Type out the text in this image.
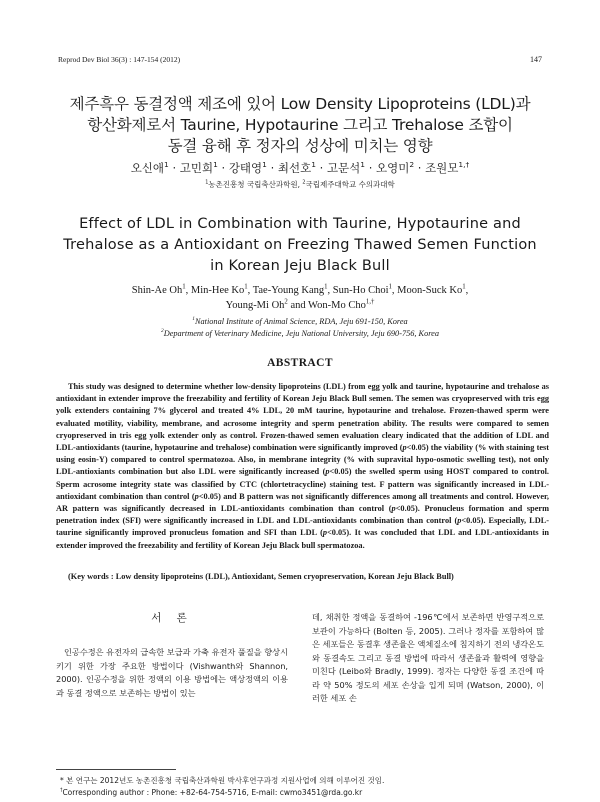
Reprod Dev Biol 36(3) : 147-154 (2012)	147
제주흑우 동결정액 제조에 있어 Low Density Lipoproteins (LDL)과
항산화제로서 Taurine, Hypotaurine 그리고 Trehalose 조합이
동결 융해 후 정자의 성상에 미치는 영향
오신애$^1$ · 고민희$^1$ · 강태영$^1$ · 최선호$^1$ · 고문석$^1$ · 오영미$^2$ · 조원모$^{1,\dagger}$
$^1$농촌진흥청 국립축산과학원, $^2$국립제주대학교 수의과대학
Effect of LDL in Combination with Taurine, Hypotaurine and
Trehalose as a Antioxidant on Freezing Thawed Semen Function
in Korean Jeju Black Bull
Shin-Ae Oh$^1$, Min-Hee Ko$^1$, Tae-Young Kang$^1$, Sun-Ho Choi$^1$, Moon-Suck Ko$^1$,
Young-Mi Oh$^2$ and Won-Mo Cho$^{1,\dagger}$
$^1$National Institute of Animal Science, RDA, Jeju 691-150, Korea
$^2$Department of Veterinary Medicine, Jeju National University, Jeju 690-756, Korea
ABSTRACT

This study was designed to determine whether low-density lipoproteins (LDL) from egg yolk and taurine, hypotaurine and trehalose as antioxidant in extender improve the freezability and fertility of Korean Jeju Black Bull semen. The semen was cryopreserved with tris egg yolk extenders containing 7% glycerol and treated 4% LDL, 20 mM taurine, hypotaurine and trehalose. Frozen-thawed sperm were evaluated motility, viability, membrane, and acrosome integrity and sperm penetration ability. The results were compared to semen cryopreserved in tris egg yolk extender only as control. Frozen-thawed semen evaluation cleary indicated that the addition of LDL and LDL-antioxidants (taurine, hypotaurine and trehalose) combination were significantly improved (p<0.05) the viability (% with staining test using eosin-Y) compared to control spermatozoa. Also, in membrane integrity (% with supravital hypo-osmotic swelling test), not only LDL-antioxiants combination but also LDL were significantly increased (p<0.05) the swelled sperm using HOST compared to control. Sperm acrosome integrity state was classified by CTC (chlortetracycline) staining test. F pattern was significantly increased in LDL-antioxidant combination than control (p<0.05) and B pattern was not significantly differences among all treatments and control. However, AR pattern was significantly decreased in LDL-antioxidants combination than control (p<0.05). Pronucleus formation and sperm penetration index (SFI) were significantly increased in LDL and LDL-antioxidants combination than control (p<0.05). Especially, LDL-taurine significantly improved pronucleus fomation and SFI than LDL (p<0.05). It was concluded that LDL and LDL-antioxidants in extender improved the freezability and fertility of Korean Jeju Black bull spermatozoa.

(Key words : Low density lipoproteins (LDL), Antioxidant, Semen cryopreservation, Korean Jeju Black Bull)
서 론

인공수정은 유전자의 급속한 보급과 가축 유전자 풀질을 향상시키기 위한 가장 주요한 방법이다 (Vishwanth와 Shannon, 2000). 인공수정을 위한 정액의 이용 방법에는 액상정액의 이용과 동결 정액으로 보존하는 방법이 있는

데, 채취한 정액을 동결하여 -196℃에서 보존하면 반영구적으로 보관이 가능하다 (Bolten 등, 2005). 그러나 정자를 포함하여 많은 세포들은 동결후 생존율은 액체질소에 침지하기 전의 냉각온도와 동결속도 그리고 동결 방법에 따라서 생존율과 활력에 영향을 미친다 (Leibo와 Bradly, 1999). 정자는 다양한 동결 조건에 따라 약 50% 정도의 세포 손상을 입게 되며 (Watson, 2000), 이러한 세포 손

* 본 연구는 2012년도 농촌진흥청 국립축산과학원 박사후연구과정 지원사업에 의해 이루어진 것임.
†Corresponding author : Phone: +82-64-754-5716, E-mail: cwmo3451@rda.go.kr
